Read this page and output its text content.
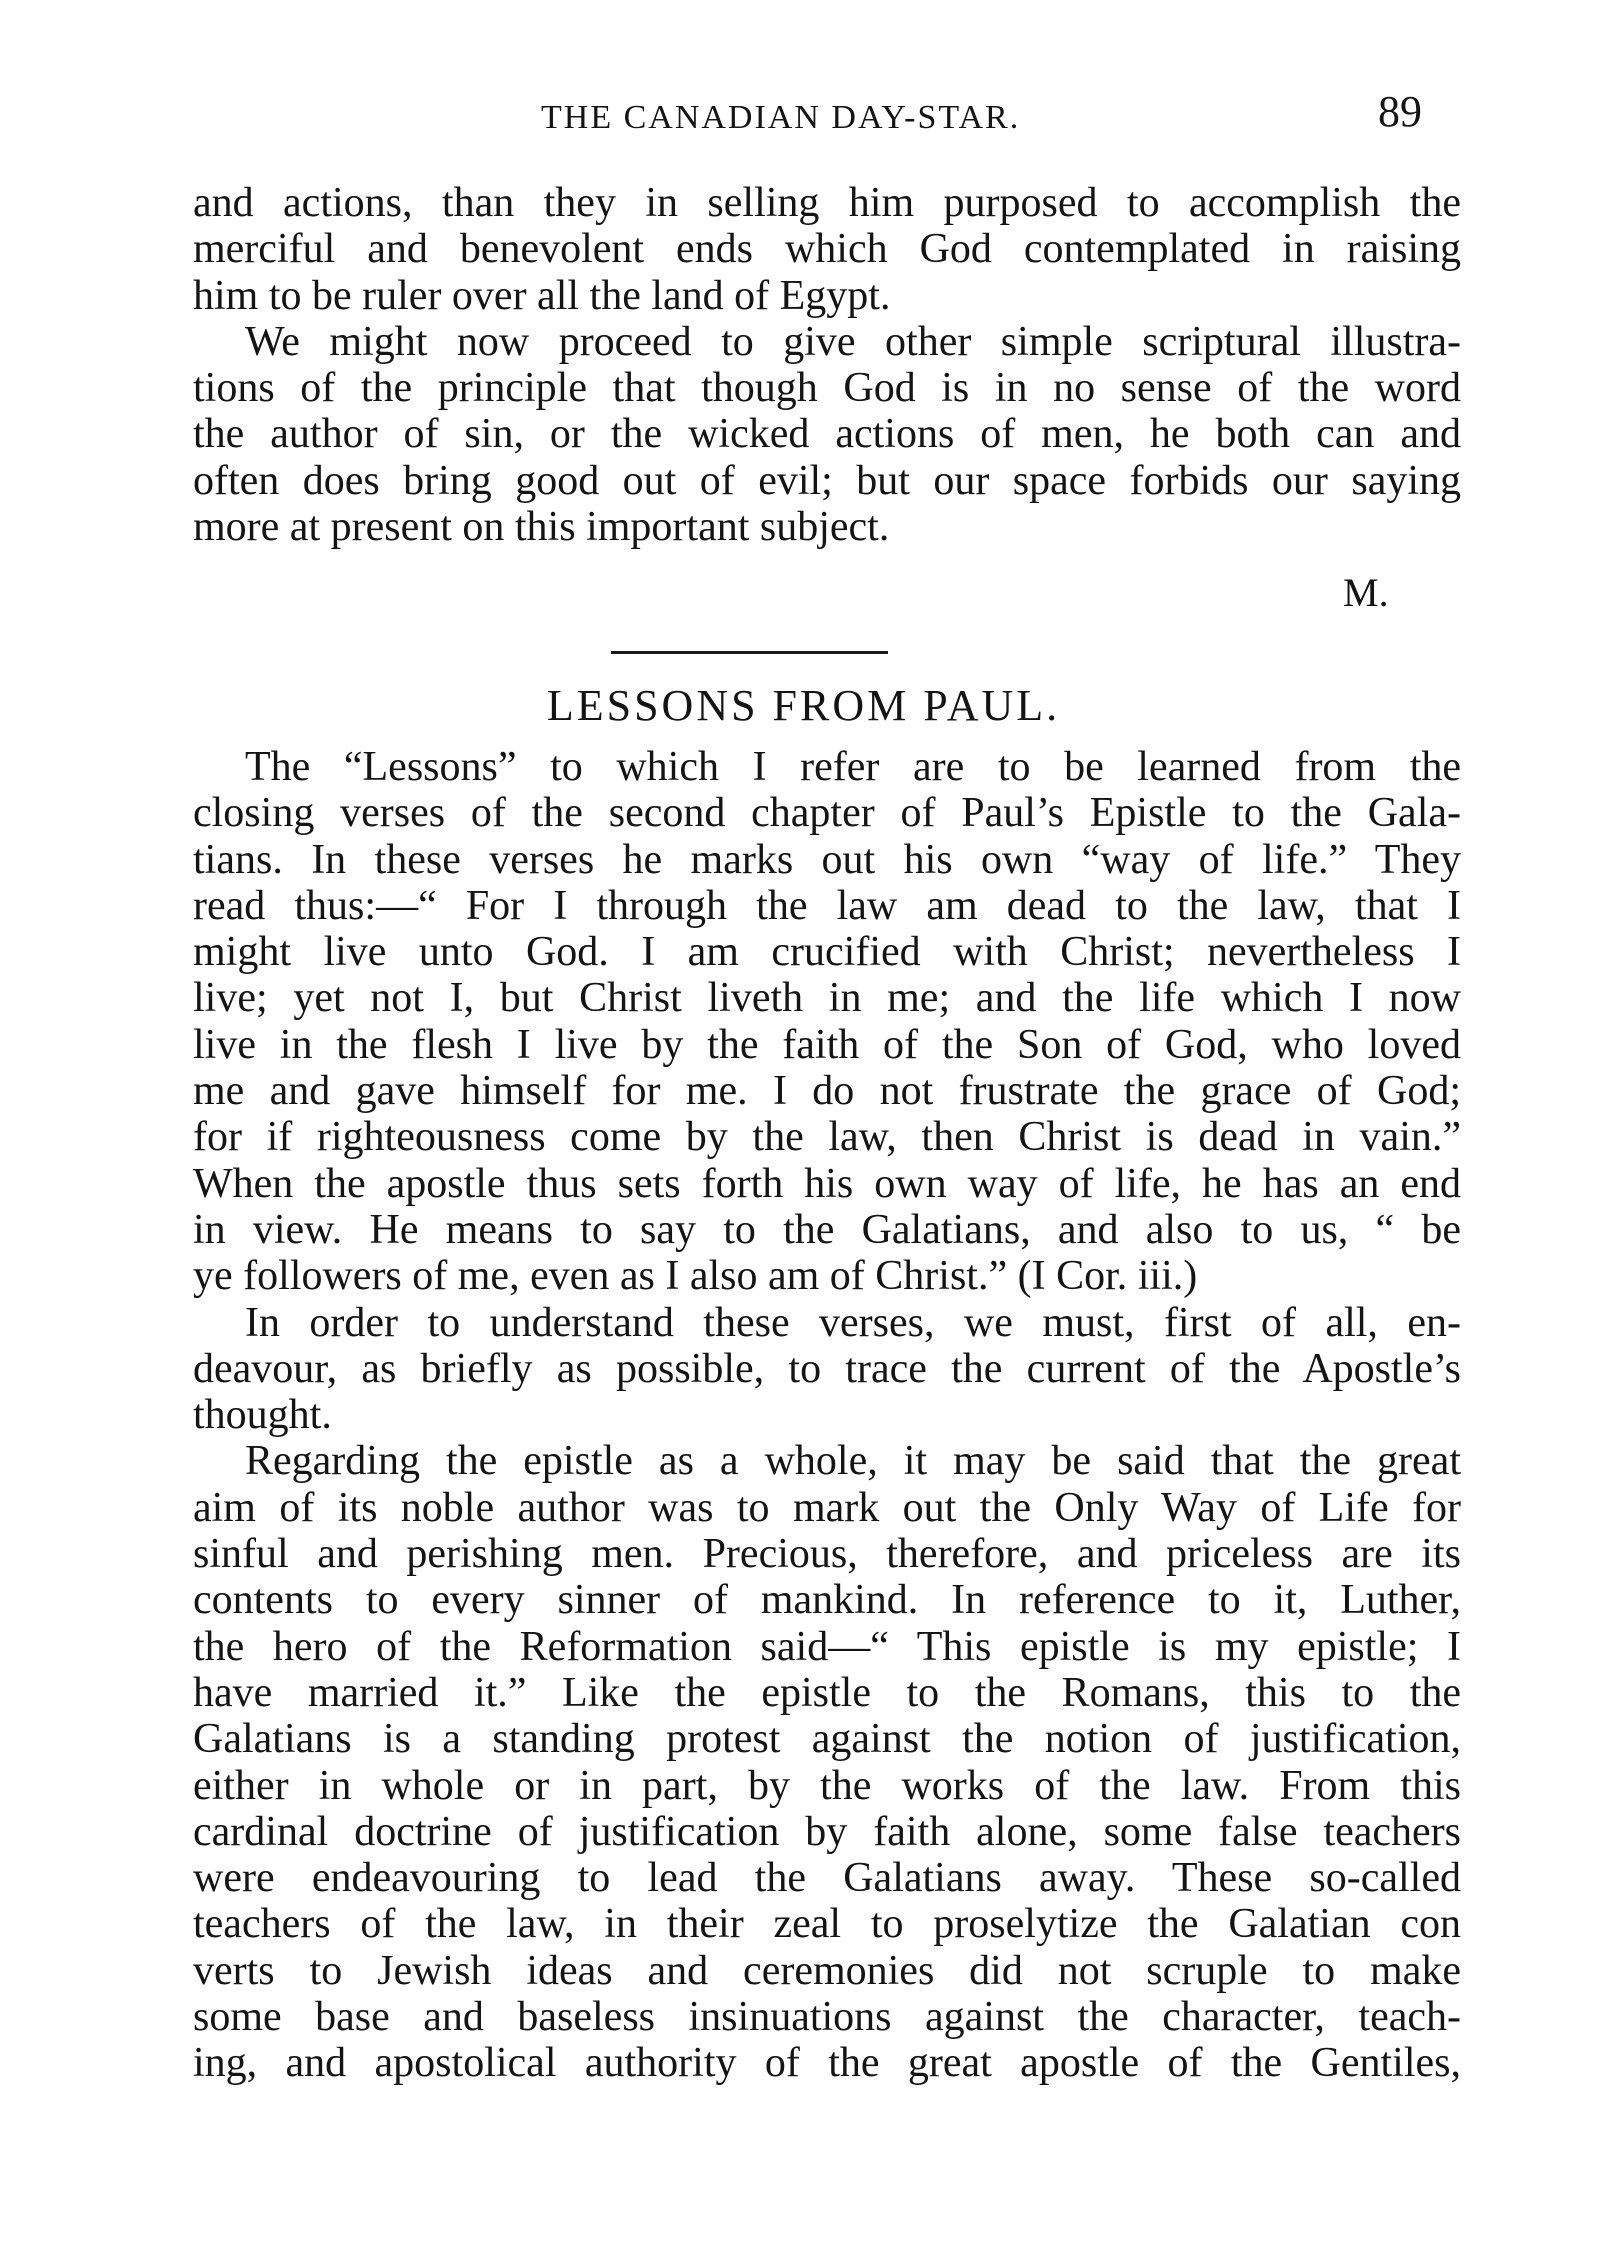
THE CANADIAN DAY-STAR.	89
and actions, than they in selling him purposed to accomplish the
merciful and benevolent ends which God contemplated in raising
him to be ruler over all the land of Egypt.
We might now proceed to give other simple scriptural illustra-
tions of the principle that though God is in no sense of the word
the author of sin, or the wicked actions of men, he both can and
often does bring good out of evil; but our space forbids our saying
more at present on this important subject.
M.
LESSONS FROM PAUL.
The “Lessons” to which I refer are to be learned from the
closing verses of the second chapter of Paul’s Epistle to the Gala-
tians. In these verses he marks out his own “way of life.” They
read thus:—“ For I through the law am dead to the law, that I
might live unto God. I am crucified with Christ; nevertheless I
live; yet not I, but Christ liveth in me; and the life which I now
live in the flesh I live by the faith of the Son of God, who loved
me and gave himself for me. I do not frustrate the grace of God;
for if righteousness come by the law, then Christ is dead in vain.”
When the apostle thus sets forth his own way of life, he has an end
in view. He means to say to the Galatians, and also to us, “ be
ye followers of me, even as I also am of Christ.” (I Cor. iii.)
In order to understand these verses, we must, first of all, en-
deavour, as briefly as possible, to trace the current of the Apostle’s
thought.
Regarding the epistle as a whole, it may be said that the great
aim of its noble author was to mark out the Only Way of Life for
sinful and perishing men. Precious, therefore, and priceless are its
contents to every sinner of mankind. In reference to it, Luther,
the hero of the Reformation said—“ This epistle is my epistle; I
have married it.” Like the epistle to the Romans, this to the
Galatians is a standing protest against the notion of justification,
either in whole or in part, by the works of the law. From this
cardinal doctrine of justification by faith alone, some false teachers
were endeavouring to lead the Galatians away. These so-called
teachers of the law, in their zeal to proselytize the Galatian con
verts to Jewish ideas and ceremonies did not scruple to make
some base and baseless insinuations against the character, teach-
ing, and apostolical authority of the great apostle of the Gentiles,
